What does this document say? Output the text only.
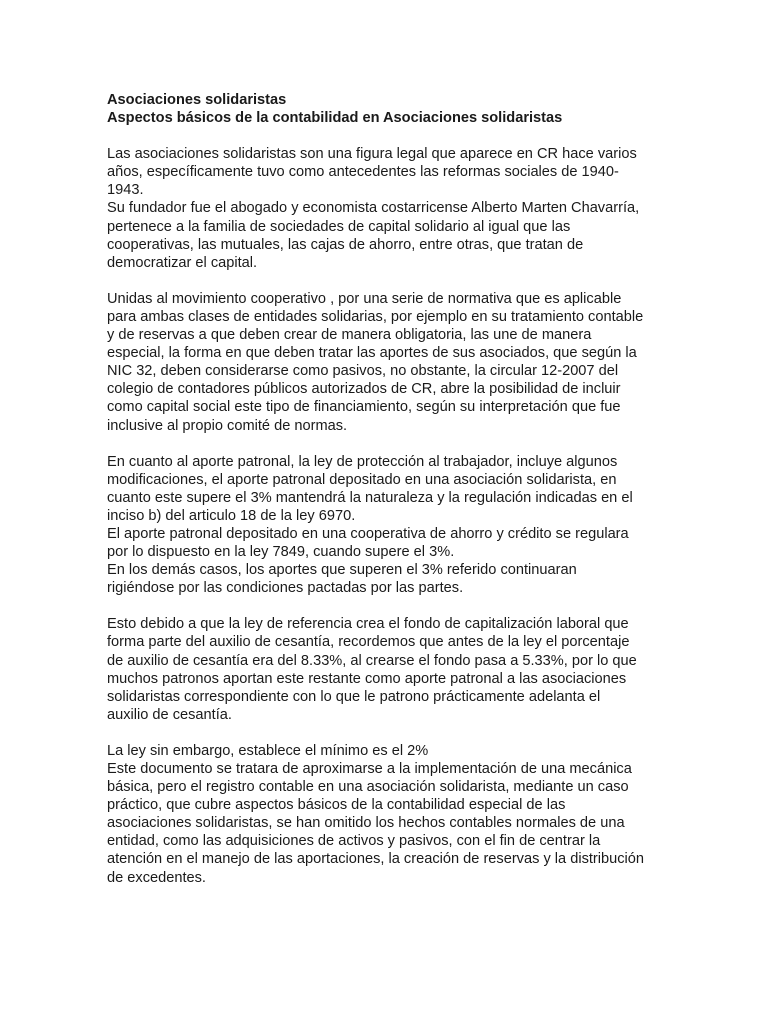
Asociaciones solidaristas
Aspectos básicos de la contabilidad en Asociaciones solidaristas
Las asociaciones solidaristas son una figura legal que aparece en CR hace varios
años, específicamente tuvo como antecedentes las reformas sociales de 1940-
1943.
Su fundador fue el abogado y economista costarricense Alberto Marten Chavarría,
pertenece a la familia de sociedades de capital solidario al igual que las
cooperativas, las mutuales, las cajas de ahorro, entre otras, que tratan de
democratizar el capital.
Unidas al movimiento cooperativo , por una serie de normativa que es aplicable
para ambas clases de entidades solidarias, por ejemplo en su tratamiento contable
y de reservas a que deben crear de manera obligatoria, las une de manera
especial, la forma en que deben tratar las aportes de sus asociados, que según la
NIC 32, deben considerarse como pasivos, no obstante, la circular 12-2007 del
colegio de contadores públicos autorizados de CR, abre la posibilidad de incluir
como capital social este tipo de financiamiento, según su interpretación que fue
inclusive al propio comité de normas.
En cuanto al aporte patronal, la ley de protección al trabajador, incluye algunos
modificaciones, el aporte patronal depositado en una asociación solidarista, en
cuanto este supere el 3% mantendrá la naturaleza y la regulación indicadas en el
inciso b) del articulo 18 de la ley 6970.
El aporte patronal depositado en una cooperativa de ahorro y crédito se regulara
por lo dispuesto en la ley 7849, cuando supere el 3%.
En los demás casos, los aportes que superen el 3% referido continuaran
rigiéndose por las condiciones pactadas por las partes.
Esto debido a que la ley de referencia crea el fondo de capitalización laboral que
forma parte del auxilio de cesantía, recordemos que antes de la ley el porcentaje
de auxilio de cesantía era del 8.33%, al crearse el fondo pasa a 5.33%, por lo que
muchos patronos aportan este restante como aporte patronal a las asociaciones
solidaristas correspondiente con lo que le patrono prácticamente adelanta el
auxilio de cesantía.
La ley sin embargo, establece el mínimo es el 2%
Este documento se tratara de aproximarse a la implementación de una mecánica
básica, pero el registro contable en una asociación solidarista, mediante un caso
práctico, que cubre aspectos básicos de la contabilidad especial de las
asociaciones solidaristas, se han omitido los hechos contables normales de una
entidad, como las adquisiciones de activos y pasivos, con el fin de centrar la
atención en el manejo de las aportaciones, la creación de reservas y la distribución
de excedentes.
